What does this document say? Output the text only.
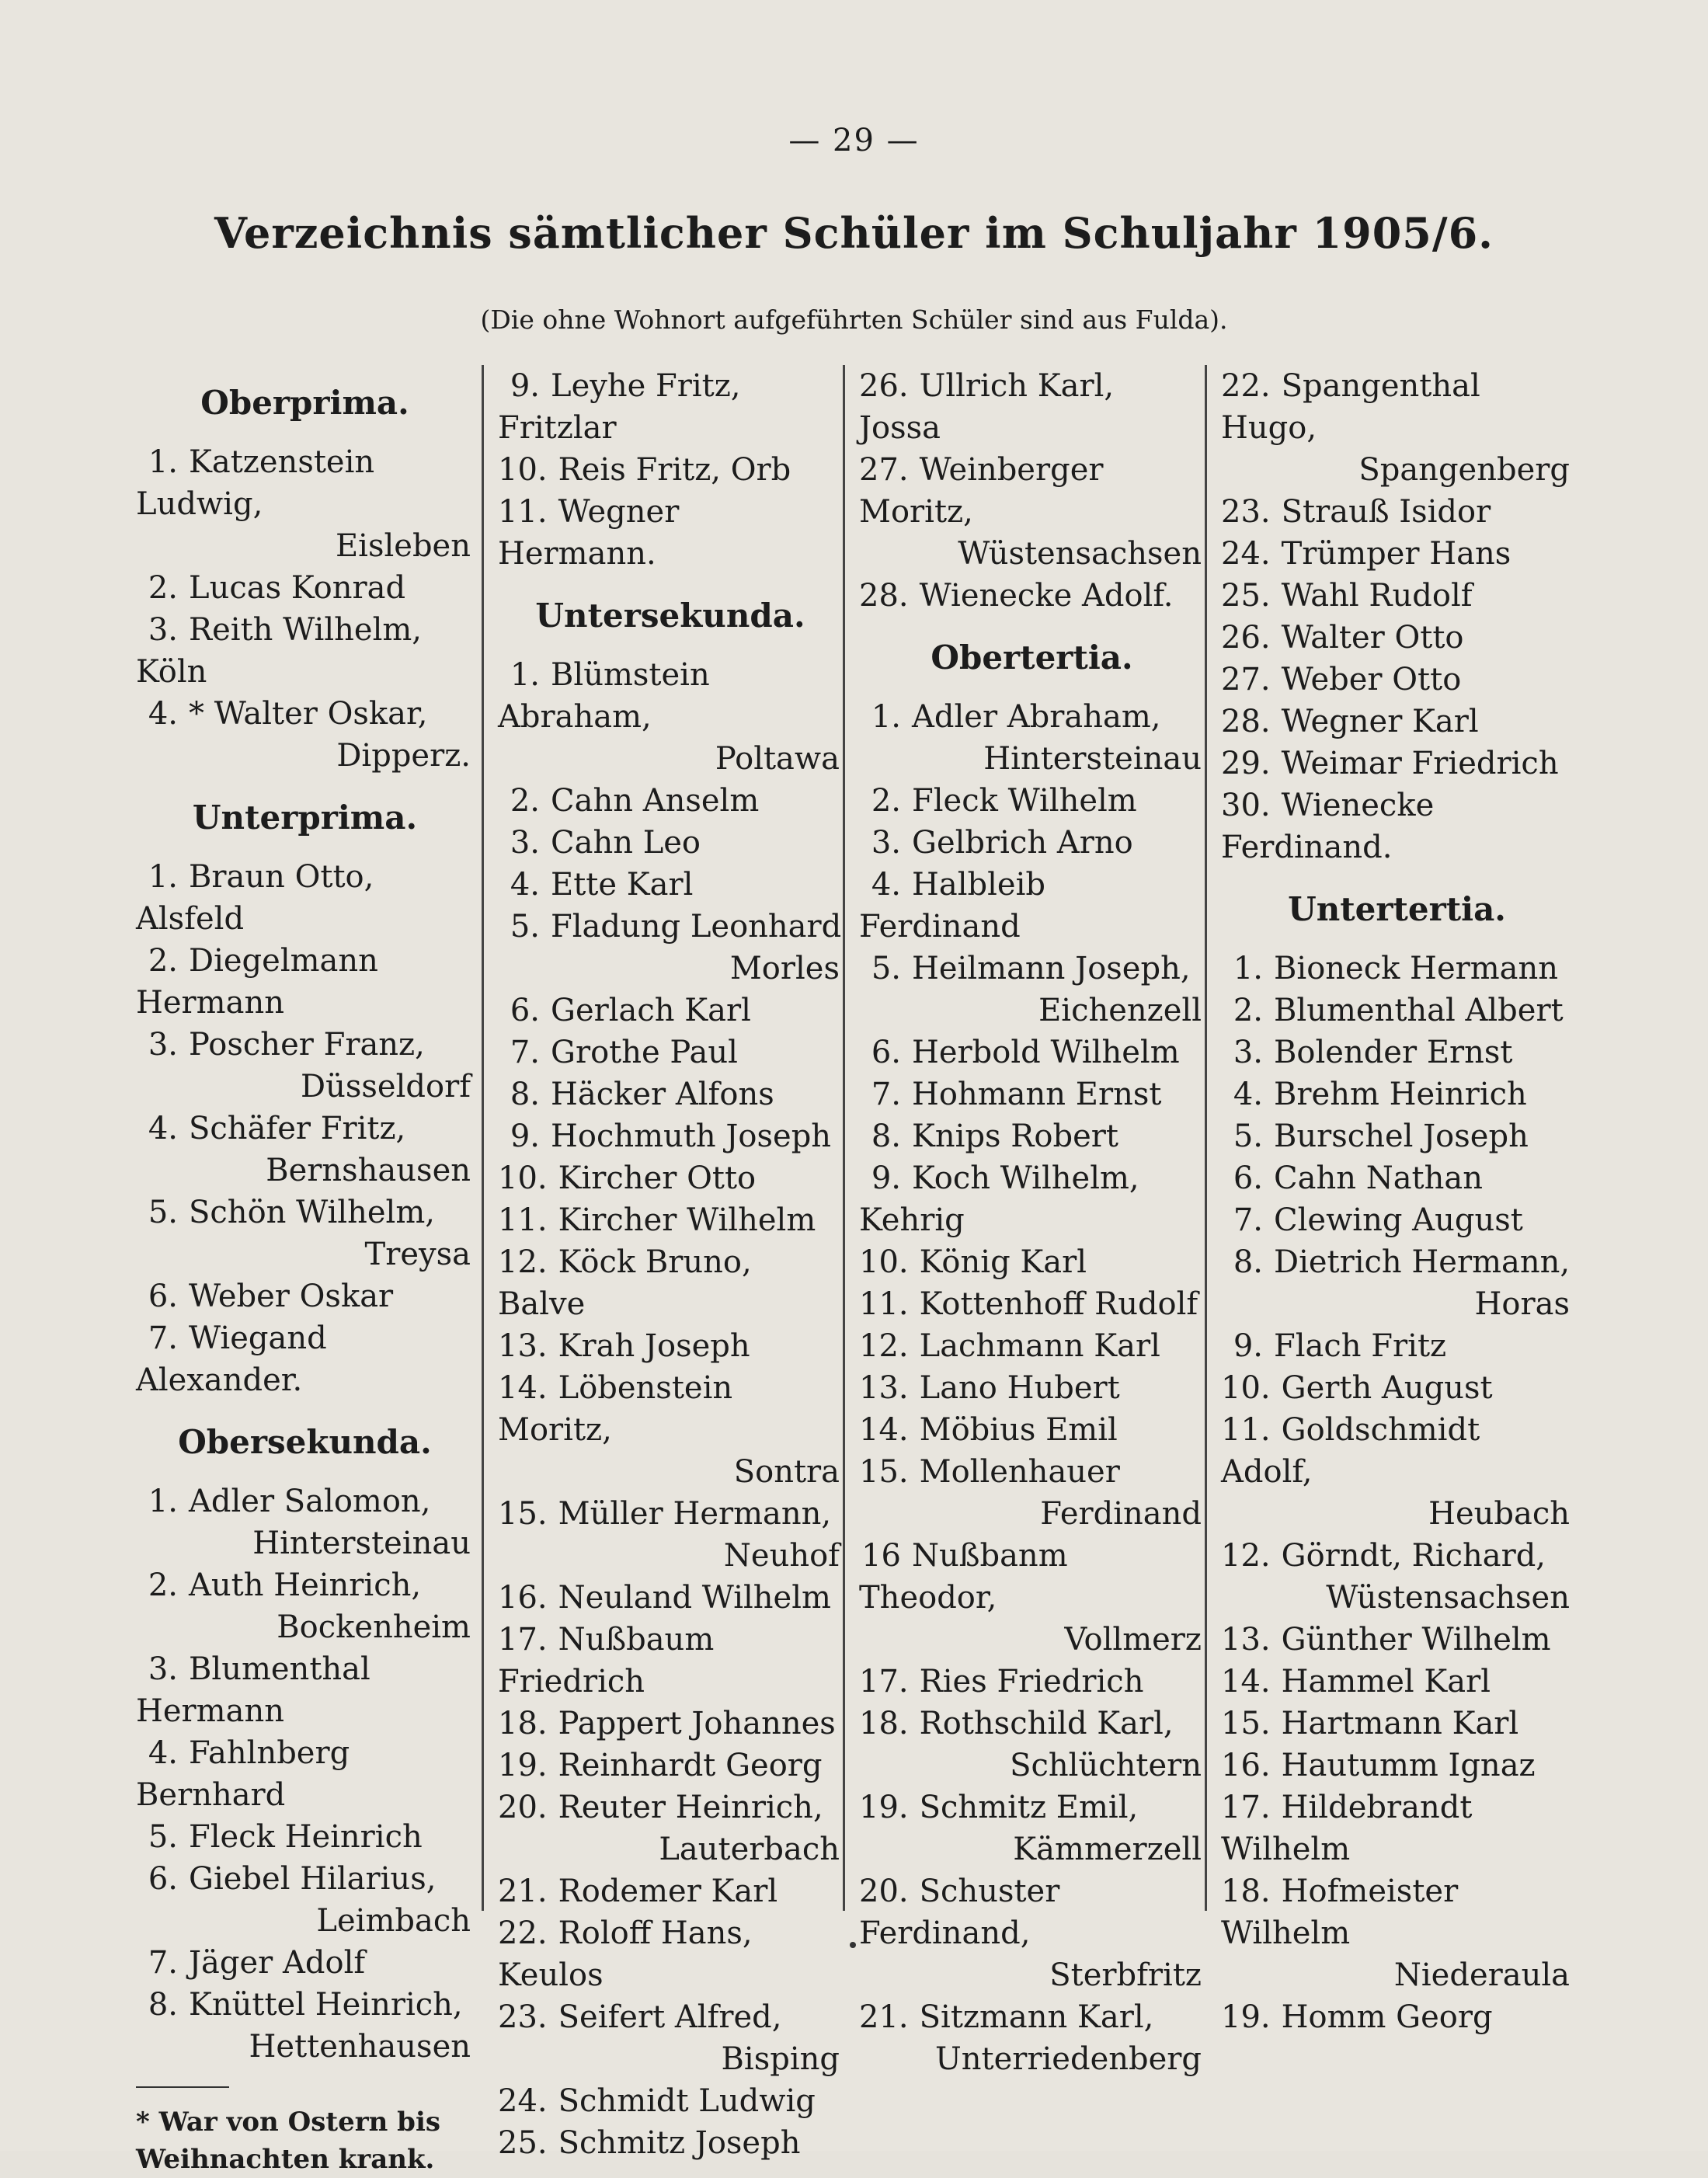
— 29 —
Verzeichnis sämtlicher Schüler im Schuljahr 1905/6.
(Die ohne Wohnort aufgeführten Schüler sind aus Fulda).
Oberprima.
1. Katzenstein Ludwig,
Eisleben
2. Lucas Konrad
3. Reith Wilhelm, Köln
4. * Walter Oskar,
Dipperz.
Unterprima.
1. Braun Otto, Alsfeld
2. Diegelmann Hermann
3. Poscher Franz,
Düsseldorf
4. Schäfer Fritz,
Bernshausen
5. Schön Wilhelm,
Treysa
6. Weber Oskar
7. Wiegand Alexander.
Obersekunda.
1. Adler Salomon,
Hintersteinau
2. Auth Heinrich,
Bockenheim
3. Blumenthal Hermann
4. Fahlnberg Bernhard
5. Fleck Heinrich
6. Giebel Hilarius,
Leimbach
7. Jäger Adolf
8. Knüttel Heinrich,
Hettenhausen
* War von Ostern bis Weihnachten krank.
9. Leyhe Fritz, Fritzlar
10. Reis Fritz, Orb
11. Wegner Hermann.
Untersekunda.
1. Blümstein Abraham,
Poltawa
2. Cahn Anselm
3. Cahn Leo
4. Ette Karl
5. Fladung Leonhard
Morles
6. Gerlach Karl
7. Grothe Paul
8. Häcker Alfons
9. Hochmuth Joseph
10. Kircher Otto
11. Kircher Wilhelm
12. Köck Bruno, Balve
13. Krah Joseph
14. Löbenstein Moritz,
Sontra
15. Müller Hermann,
Neuhof
16. Neuland Wilhelm
17. Nußbaum Friedrich
18. Pappert Johannes
19. Reinhardt Georg
20. Reuter Heinrich,
Lauterbach
21. Rodemer Karl
22. Roloff Hans, Keulos
23. Seifert Alfred,
Bisping
24. Schmidt Ludwig
25. Schmitz Joseph
26. Ullrich Karl, Jossa
27. Weinberger Moritz,
Wüstensachsen
28. Wienecke Adolf.
Obertertia.
1. Adler Abraham,
Hintersteinau
2. Fleck Wilhelm
3. Gelbrich Arno
4. Halbleib Ferdinand
5. Heilmann Joseph,
Eichenzell
6. Herbold Wilhelm
7. Hohmann Ernst
8. Knips Robert
9. Koch Wilhelm, Kehrig
10. König Karl
11. Kottenhoff Rudolf
12. Lachmann Karl
13. Lano Hubert
14. Möbius Emil
15. Mollenhauer
Ferdinand
16 Nußbanm Theodor,
Vollmerz
17. Ries Friedrich
18. Rothschild Karl,
Schlüchtern
19. Schmitz Emil,
Kämmerzell
20. Schuster Ferdinand,
Sterbfritz
21. Sitzmann Karl,
Unterriedenberg
22. Spangenthal Hugo,
Spangenberg
23. Strauß Isidor
24. Trümper Hans
25. Wahl Rudolf
26. Walter Otto
27. Weber Otto
28. Wegner Karl
29. Weimar Friedrich
30. Wienecke Ferdinand.
Untertertia.
1. Bioneck Hermann
2. Blumenthal Albert
3. Bolender Ernst
4. Brehm Heinrich
5. Burschel Joseph
6. Cahn Nathan
7. Clewing August
8. Dietrich Hermann,
Horas
9. Flach Fritz
10. Gerth August
11. Goldschmidt Adolf,
Heubach
12. Görndt, Richard,
Wüstensachsen
13. Günther Wilhelm
14. Hammel Karl
15. Hartmann Karl
16. Hautumm Ignaz
17. Hildebrandt Wilhelm
18. Hofmeister Wilhelm
Niederaula
19. Homm Georg
